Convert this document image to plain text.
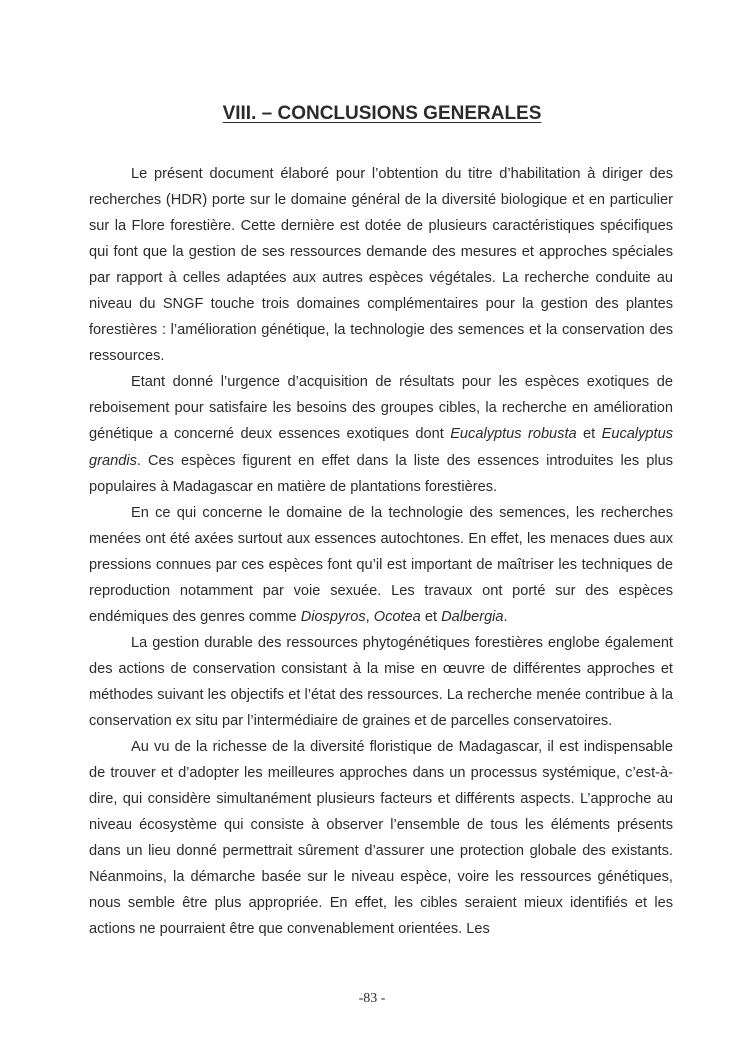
VIII. – CONCLUSIONS GENERALES

Le présent document élaboré pour l’obtention du titre d’habilitation à diriger des recherches (HDR) porte sur le domaine général de la diversité biologique et en particulier sur la Flore forestière. Cette dernière est dotée de plusieurs caractéristiques spécifiques qui font que la gestion de ses ressources demande des mesures et approches spéciales par rapport à celles adaptées aux autres espèces végétales. La recherche conduite au niveau du SNGF touche trois domaines complémentaires pour la gestion des plantes forestières : l’amélioration génétique, la technologie des semences et la conservation des ressources.

Etant donné l’urgence d’acquisition de résultats pour les espèces exotiques de reboisement pour satisfaire les besoins des groupes cibles, la recherche en amélioration génétique a concerné deux essences exotiques dont Eucalyptus robusta et Eucalyptus grandis. Ces espèces figurent en effet dans la liste des essences introduites les plus populaires à Madagascar en matière de plantations forestières.

En ce qui concerne le domaine de la technologie des semences, les recherches menées ont été axées surtout aux essences autochtones. En effet, les menaces dues aux pressions connues par ces espèces font qu’il est important de maîtriser les techniques de reproduction notamment par voie sexuée. Les travaux ont porté sur des espèces endémiques des genres comme Diospyros, Ocotea et Dalbergia.

La gestion durable des ressources phytogénétiques forestières englobe également des actions de conservation consistant à la mise en œuvre de différentes approches et méthodes suivant les objectifs et l’état des ressources. La recherche menée contribue à la conservation ex situ par l’intermédiaire de graines et de parcelles conservatoires.

Au vu de la richesse de la diversité floristique de Madagascar, il est indispensable de trouver et d’adopter les meilleures approches dans un processus systémique, c’est-à-dire, qui considère simultanément plusieurs facteurs et différents aspects. L’approche au niveau écosystème qui consiste à observer l’ensemble de tous les éléments présents dans un lieu donné permettrait sûrement d’assurer une protection globale des existants. Néanmoins, la démarche basée sur le niveau espèce, voire les ressources génétiques, nous semble être plus appropriée. En effet, les cibles seraient mieux identifiés et les actions ne pourraient être que convenablement orientées. Les

-83 -
